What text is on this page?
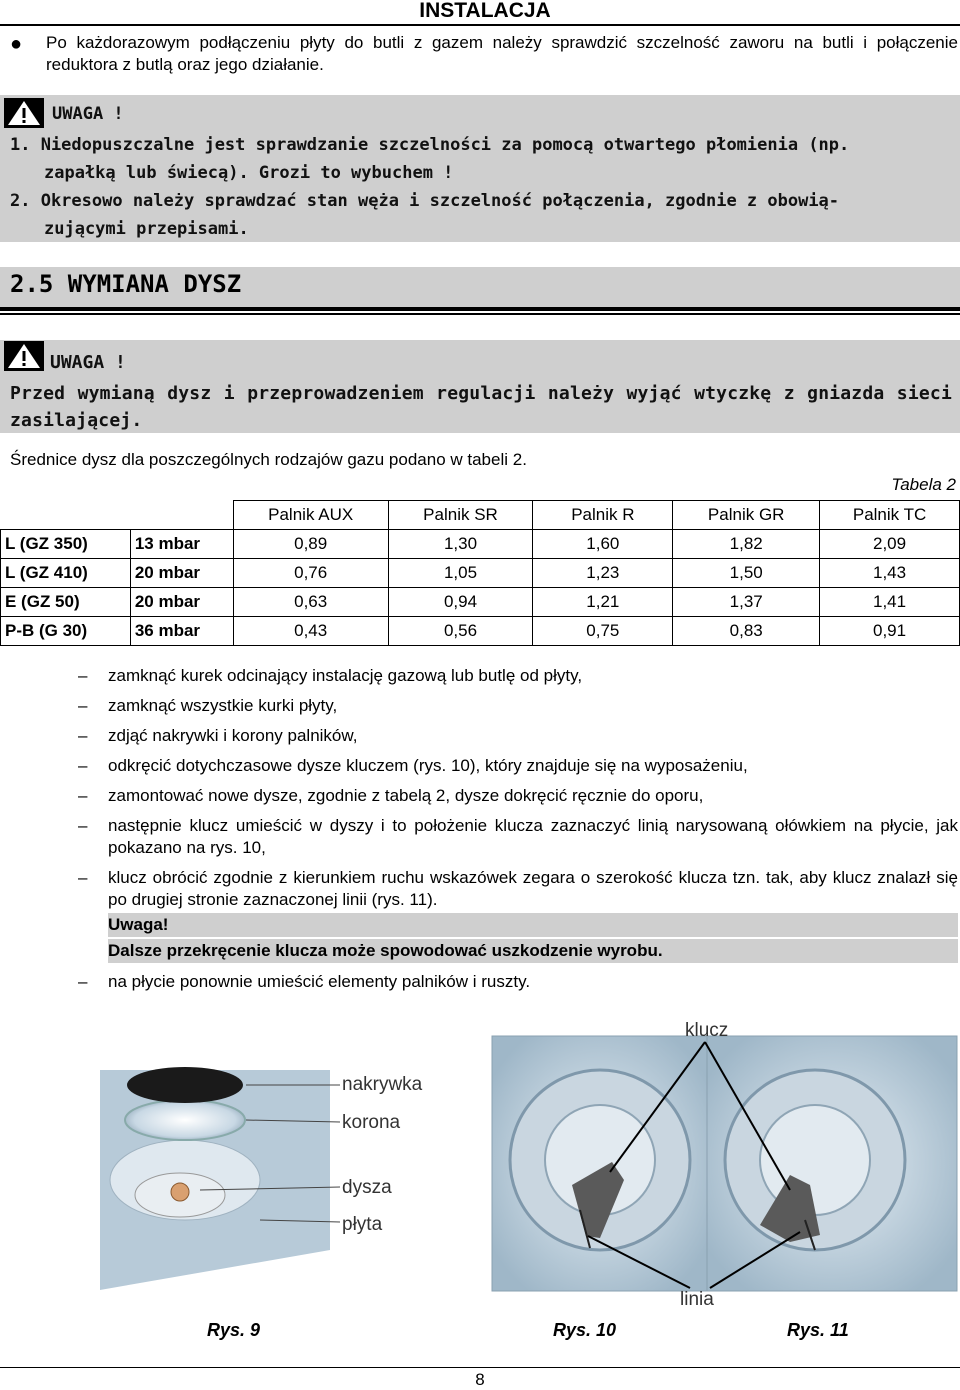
INSTALACJA
● Po każdorazowym podłączeniu płyty do butli z gazem należy sprawdzić szczelność zaworu na butli i połączenie reduktora z butlą oraz jego działanie.
UWAGA !
1. Niedopuszczalne jest sprawdzanie szczelności za pomocą otwartego płomienia (np.
zapałką lub świecą). Grozi to wybuchem !
2. Okresowo należy sprawdzać stan węża i szczelność połączenia, zgodnie z obowią-
zującymi przepisami.
2.5 WYMIANA DYSZ
UWAGA !
Przed wymianą dysz i przeprowadzeniem regulacji należy wyjąć wtyczkę z gniazda sieci zasilającej.
Średnice dysz dla poszczególnych rodzajów gazu podano w tabeli 2.
Tabela 2
		Palnik AUX	Palnik SR	Palnik R	Palnik GR	Palnik TC
L (GZ 350)	13 mbar	0,89	1,30	1,60	1,82	2,09
L (GZ 410)	20 mbar	0,76	1,05	1,23	1,50	1,43
E (GZ 50)	20 mbar	0,63	0,94	1,21	1,37	1,41
P-B (G 30)	36 mbar	0,43	0,56	0,75	0,83	0,91
– zamknąć kurek odcinający instalację gazową lub butlę od płyty,
– zamknąć wszystkie kurki płyty,
– zdjąć nakrywki i korony palników,
– odkręcić dotychczasowe dysze kluczem (rys. 10), który znajduje się na wyposażeniu,
– zamontować nowe dysze, zgodnie z tabelą 2, dysze dokręcić ręcznie do oporu,
– następnie klucz umieścić w dyszy i to położenie klucza zaznaczyć linią narysowaną ołówkiem na płycie, jak pokazano na rys. 10,
– klucz obrócić zgodnie z kierunkiem ruchu wskazówek zegara o szerokość klucza tzn. tak, aby klucz znalazł się po drugiej stronie zaznaczonej linii (rys. 11).
Uwaga!
Dalsze przekręcenie klucza może spowodować uszkodzenie wyrobu.
– na płycie ponownie umieścić elementy palników i ruszty.
nakrywka
korona
dysza
płyta
klucz
linia
Rys. 9	Rys. 10	Rys. 11
8
